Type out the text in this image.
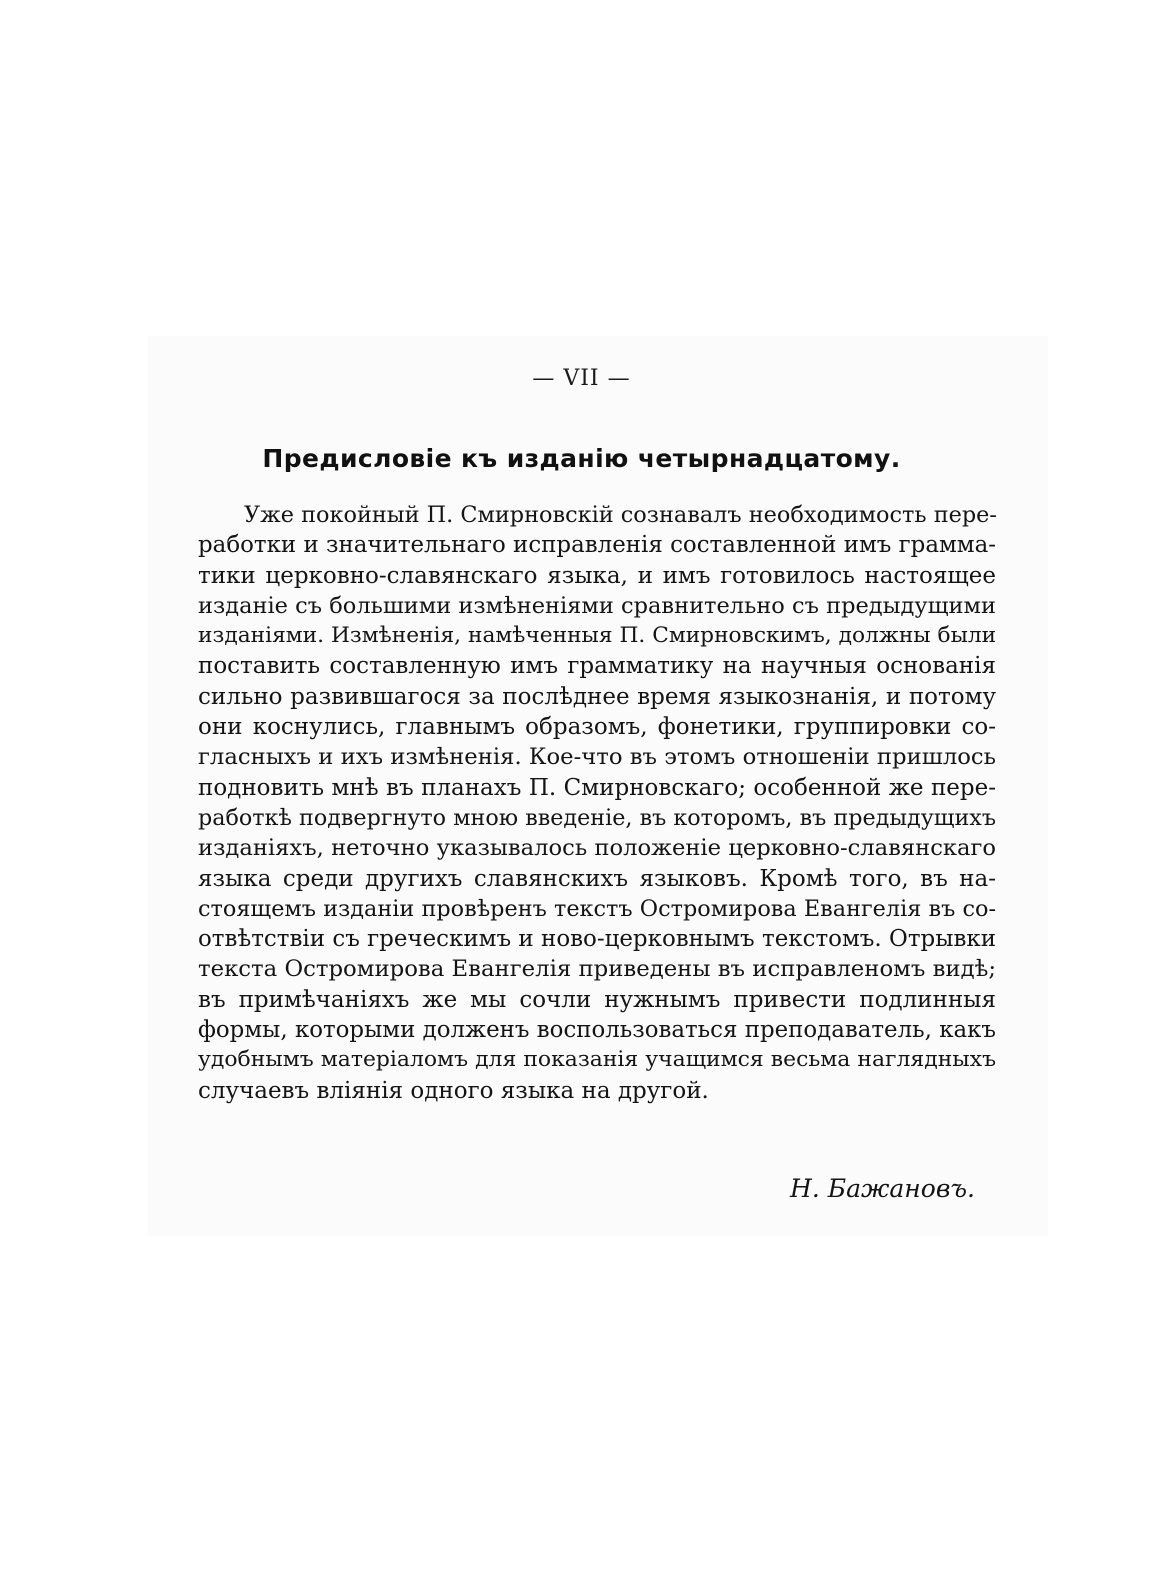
— VII —
Предисловіе къ изданію четырнадцатому.
Уже покойный П. Смирновскій сознавалъ необходимость пере-
работки и значительнаго исправленія составленной имъ грамма-
тики церковно-славянскаго языка, и имъ готовилось настоящее
изданіе съ большими измѣненіями сравнительно съ предыдущими
изданіями. Измѣненія, намѣченныя П. Смирновскимъ, должны были
поставить составленную имъ грамматику на научныя основанія
сильно развившагося за послѣднее время языкознанія, и потому
они коснулись, главнымъ образомъ, фонетики, группировки со-
гласныхъ и ихъ измѣненія. Кое-что въ этомъ отношеніи пришлось
подновить мнѣ въ планахъ П. Смирновскаго; особенной же пере-
работкѣ подвергнуто мною введеніе, въ которомъ, въ предыдущихъ
изданіяхъ, неточно указывалось положеніе церковно-славянскаго
языка среди другихъ славянскихъ языковъ. Кромѣ того, въ на-
стоящемъ изданіи провѣренъ текстъ Остромирова Евангелія въ со-
отвѣтствіи съ греческимъ и ново-церковнымъ текстомъ. Отрывки
текста Остромирова Евангелія приведены въ исправленомъ видѣ;
въ примѣчаніяхъ же мы сочли нужнымъ привести подлинныя
формы, которыми долженъ воспользоваться преподаватель, какъ
удобнымъ матеріаломъ для показанія учащимся весьма наглядныхъ
случаевъ вліянія одного языка на другой.
Н. Бажановъ.
